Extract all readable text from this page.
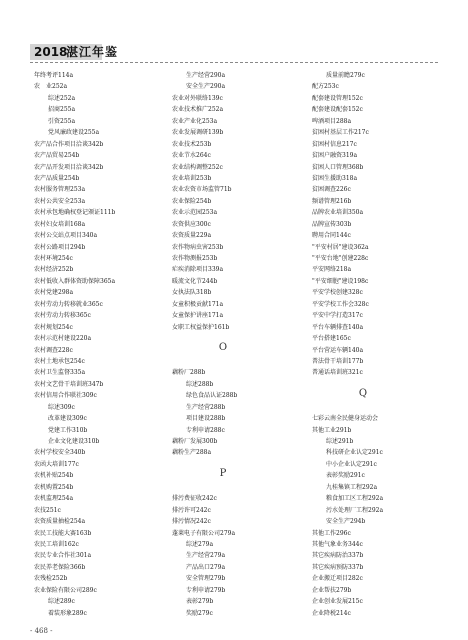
2018
湛江年鉴
年终考评114a
农　业252a
综述252a
招商255a
引资255a
党风廉政建设255a
农产品合作项目洽谈342b
农产品贸易254b
农产品开发项目洽谈342b
农产品质量254b
农村服务管理253a
农村公共安全253a
农村承包地确权登记颁证111b
农村妇女培训168a
农村公交站点项目340a
农村公路项目294b
农村环境254c
农村经济252b
农村低收入群体资助保障365a
农村党建298a
农村劳动力转移就业365c
农村劳动力转移365c
农村规划254c
农村示范村建设220a
农村调查228c
农村土地承包254c
农村卫生监督335a
农村文艺骨干培训班347b
农村信用合作联社309c
综述309c
改革建设309c
党建工作310b
企业文化建设310b
农村学校安全340b
农函大培训177c
农机补贴254b
农机购置254b
农机监理254a
农技251c
农资质量抽检254a
农民工技能大赛163b
农民工培训162c
农民专业合作社301a
农民养老保险366b
农残检252b
农业保险有限公司289c
综述289c
着装形象289c
生产经营290a
安全生产290a
农业对外联络139c
农业技术推广252a
农业产业化253a
农业发展调研139b
农业技术253b
农业节水264c
农业结构调整252c
农业培训253b
农业农资市场监管71b
农业保险254b
农业示范园253a
农资供应300c
农资质量229a
农作物病虫害253b
农作物测报253b
疟疾消除项目339a
暖流文化节244b
女执法队318b
女童积极贡献171a
女童保护讲座171a
女职工权益保护161b
O
藕粉厂288b
综述288b
绿色食品认证288b
生产经营288b
项目建设288b
专利申请288c
藕粉厂发展300b
藕粉生产288a
P
排污费征收242c
排污许可242c
排污情况242c
蓬莱电子有限公司279a
综述279a
生产经营279a
产品出口279a
安全管理279b
专利申请279b
表彰279b
奖励279c
质量前瞻279c
配方253c
配套建设管理152c
配套建设配套152c
啤酒项目288a
贫困村基层工作217c
贫困村信息217c
贫困户融资319a
贫困人口管理368b
贫困生援助318a
贫困调查226c
频谱管理216b
品牌农业培训350a
品牌宣传303b
聘用合同144c
"平安村居"建设362a
"平安台地"创建228c
平安网络218a
"平安细胞"建设198c
平安学校创建328c
平安学校工作会328c
平安中学打造317c
平台车辆排查140a
平台搭建165c
平台营运车辆140a
普法骨干培训177b
普通话培训班321c
Q
七彩云南全民健身运动会
其他工业291b
综述291b
科技研企业认定291c
中小企业认定291c
表彰奖励291c
九桂集镇工程292a
粮食加工区工程292a
污水处理厂工程292a
安全生产294b
其他工作296c
其他气象业务344c
其它疾病防治337b
其它疾病预防337b
企业搬迁项目282c
企业帮扶279b
企业创业发展215c
企业降税214c
- 468 -
